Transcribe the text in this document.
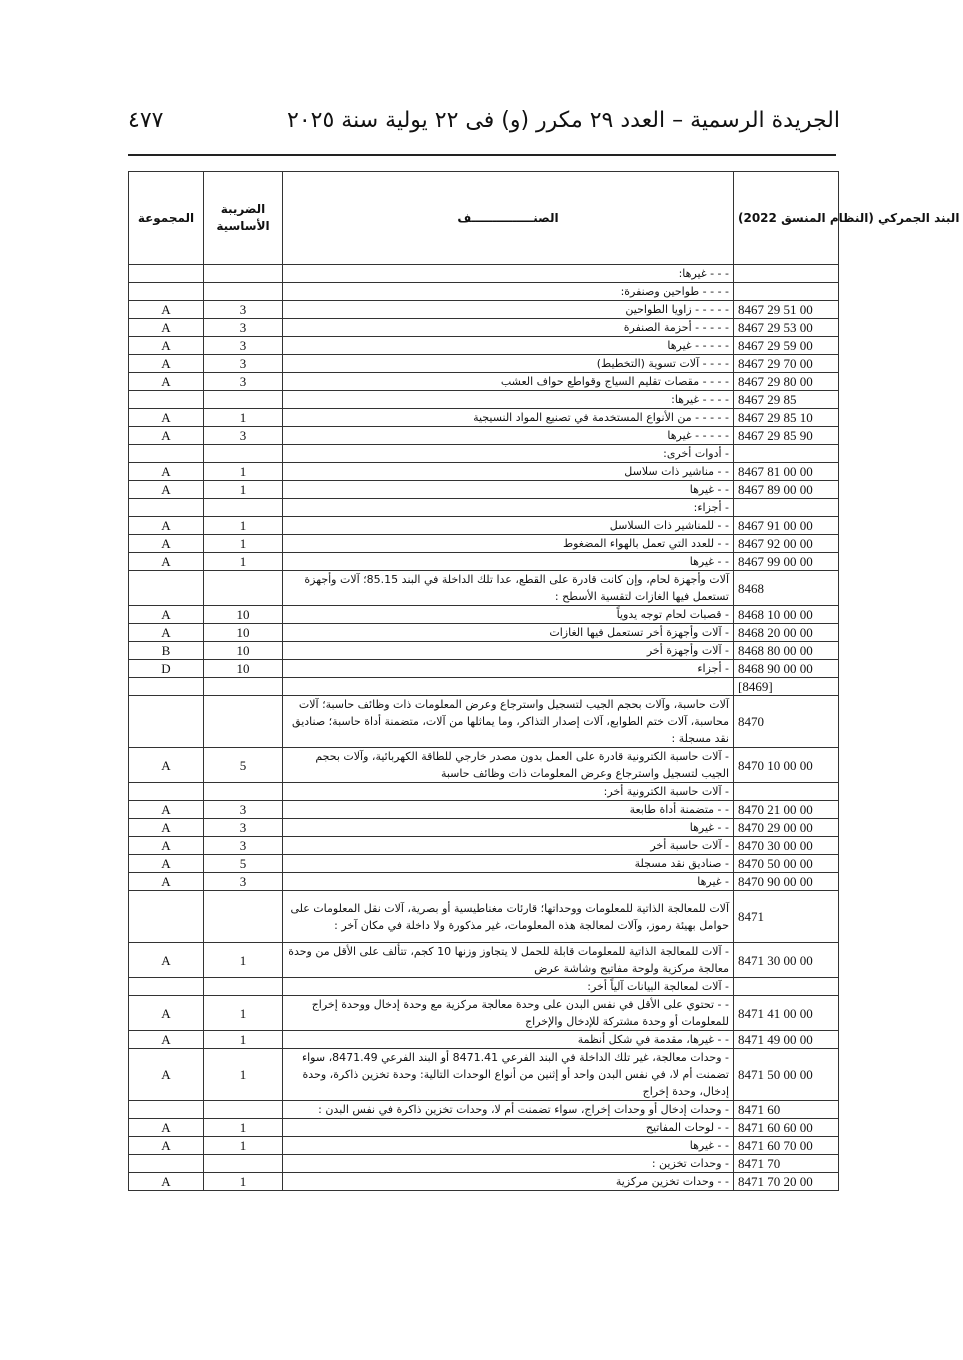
الجريدة الرسمية – العدد ٢٩ مكرر (و) فى ٢٢ يولية سنة ٢٠٢٥
٤٧٧
البند الجمركي (النظام المنسق 2022)	الصنـــــــــــــــف	الضريبة الأساسية	المجموعة
	- - - غيرها:		
	- - - - طواحين وصنفرة:		
8467 29 51 00	- - - - - زاويا الطواحين	3	A
8467 29 53 00	- - - - - أحزمة الصنفرة	3	A
8467 29 59 00	- - - - - غيرها	3	A
8467 29 70 00	- - - - آلات تسوية (التخطيط)	3	A
8467 29 80 00	- - - - مقصات تقليم السياج وقواطع حواف العشب	3	A
8467 29 85	- - - - غيرها:		
8467 29 85 10	- - - - - من الأنواع المستخدمة في تصنيع المواد النسيجية	1	A
8467 29 85 90	- - - - - غيرها	3	A
	- أدوات أخرى:		
8467 81 00 00	- - مناشير ذات سلاسل	1	A
8467 89 00 00	- - غيرها	1	A
	- أجزاء:		
8467 91 00 00	- - للمناشير ذات السلاسل	1	A
8467 92 00 00	- - للعدد التي تعمل بالهواء المضغوط	1	A
8467 99 00 00	- - غيرها	1	A
8468	آلات وأجهزة لحام، وإن كانت قادرة على القطع، عدا تلك الداخلة في البند 85.15؛ آلات وأجهزة تستعمل فيها الغازات لتقسية الأسطح :		
8468 10 00 00	- قصبات لحام توجه يدوياً	10	A
8468 20 00 00	- آلات وأجهزة أخر تستعمل فيها الغازات	10	A
8468 80 00 00	- آلات وأجهزة أخر	10	B
8468 90 00 00	- أجزاء	10	D
[8469]			
8470	آلات حاسبة، وآلات بحجم الجيب لتسجيل واسترجاع وعرض المعلومات ذات وظائف حاسبة؛ آلات محاسبة، آلات ختم الطوابع، آلات إصدار التذاكر، وما يماثلها من آلات، متضمنة أداة حاسبة؛ صناديق نقد مسجلة :		
8470 10 00 00	- آلات حاسبة الكترونية قادرة على العمل بدون مصدر خارجي للطاقة الكهربائية، وآلات بحجم الجيب لتسجيل واسترجاع وعرض المعلومات ذات وظائف حاسبة	5	A
	- آلات حاسبة الكترونية أخر:		
8470 21 00 00	- - متضمنة أداة طابعة	3	A
8470 29 00 00	- - غيرها	3	A
8470 30 00 00	- آلات حاسبة أخر	3	A
8470 50 00 00	- صناديق نقد مسجلة	5	A
8470 90 00 00	- غيرها	3	A
8471	آلات للمعالجة الذاتية للمعلومات ووحداتها؛ قارئات مغناطيسية أو بصرية، آلات نقل المعلومات على حوامل بهيئة رموز، وآلات لمعالجة هذه المعلومات، غير مذكورة ولا داخلة في مكان آخر :		
8471 30 00 00	- آلات للمعالجة الذاتية للمعلومات قابلة للحمل لا يتجاوز وزنها 10 كجم، تتألف على الأقل من وحدة معالجة مركزية ولوحة مفاتيح وشاشة عرض	1	A
	- آلات لمعالجة البيانات آلياً أخر:		
8471 41 00 00	- - تحتوي على الأقل في نفس البدن على وحدة معالجة مركزية مع وحدة إدخال ووحدة إخراج للمعلومات أو وحدة مشتركة للإدخال والإخراج	1	A
8471 49 00 00	- - غيرها، مقدمة في شكل أنظمة	1	A
8471 50 00 00	- وحدات معالجة، غير تلك الداخلة في البند الفرعي 8471.41 أو البند الفرعي 8471.49، سواء تضمنت أم لا، في نفس البدن واحد أو إثنين من أنواع الوحدات التالية: وحدة تخزين ذاكرة، وحدة إدخال، وحدة إخراج	1	A
8471 60	- وحدات إدخال أو وحدات إخراج، سواء تضمنت أم لا، وحدات تخزين ذاكرة في نفس البدن :		
8471 60 60 00	- - لوحات المفاتيح	1	A
8471 60 70 00	- - غيرها	1	A
8471 70	- وحدات تخزين :		
8471 70 20 00	- - وحدات تخزين مركزية	1	A
